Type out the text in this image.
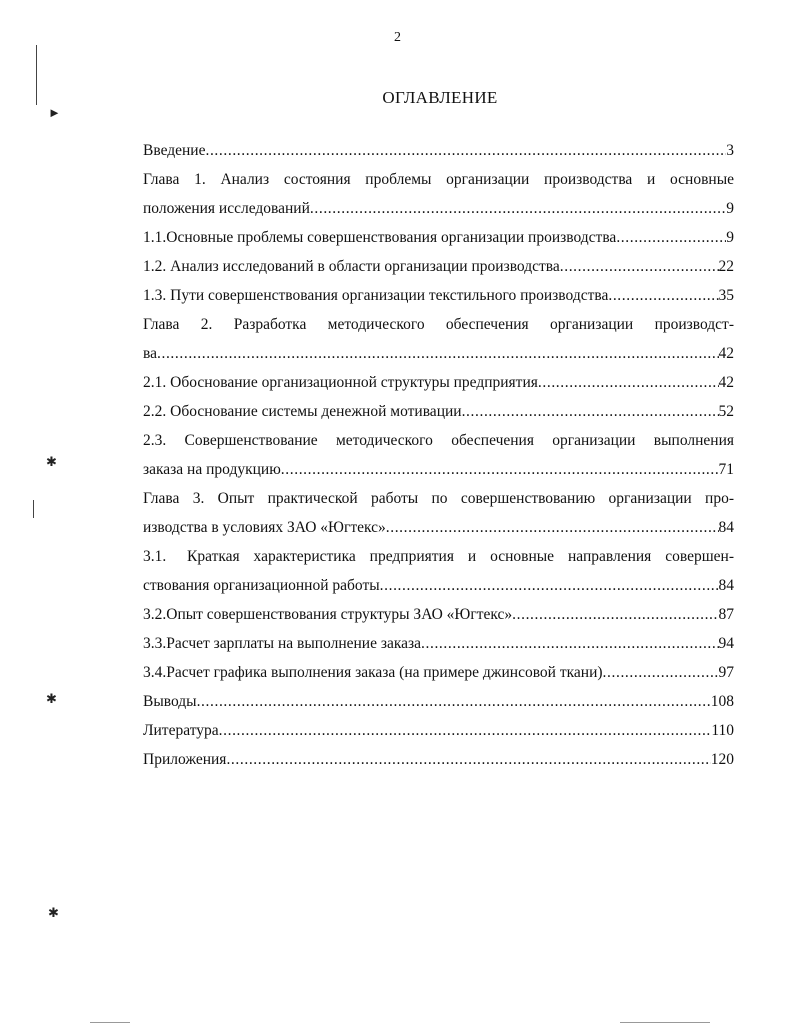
2
ОГЛАВЛЕНИЕ
►
✱
✱
✱
Введение .....	3
Глава 1. Анализ состояния проблемы организации производства и основные
положения исследований .....	9
1.1. Основные проблемы совершенствования организации производства .....	9
1.2. Анализ исследований в области организации производства .....	22
1.3. Пути совершенствования организации текстильного производства .....	35
Глава 2. Разработка методического обеспечения организации производст-
ва .....	42
2.1. Обоснование организационной структуры предприятия .....	42
2.2. Обоснование системы денежной мотивации .....	52
2.3. Совершенствование методического обеспечения организации выполнения
заказа на продукцию .....	71
Глава 3. Опыт практической работы по совершенствованию организации про-
изводства в условиях ЗАО «Югтекс» .....	84
3.1.	Краткая характеристика предприятия и основные направления совершен-
ствования организационной работы .....	84
3.2. Опыт совершенствования структуры ЗАО «Югтекс» .....	87
3.3. Расчет зарплаты на выполнение заказа .....	94
3.4. Расчет графика выполнения заказа (на примере джинсовой ткани) .....	97
Выводы .....	108
Литература .....	110
Приложения .....	120
